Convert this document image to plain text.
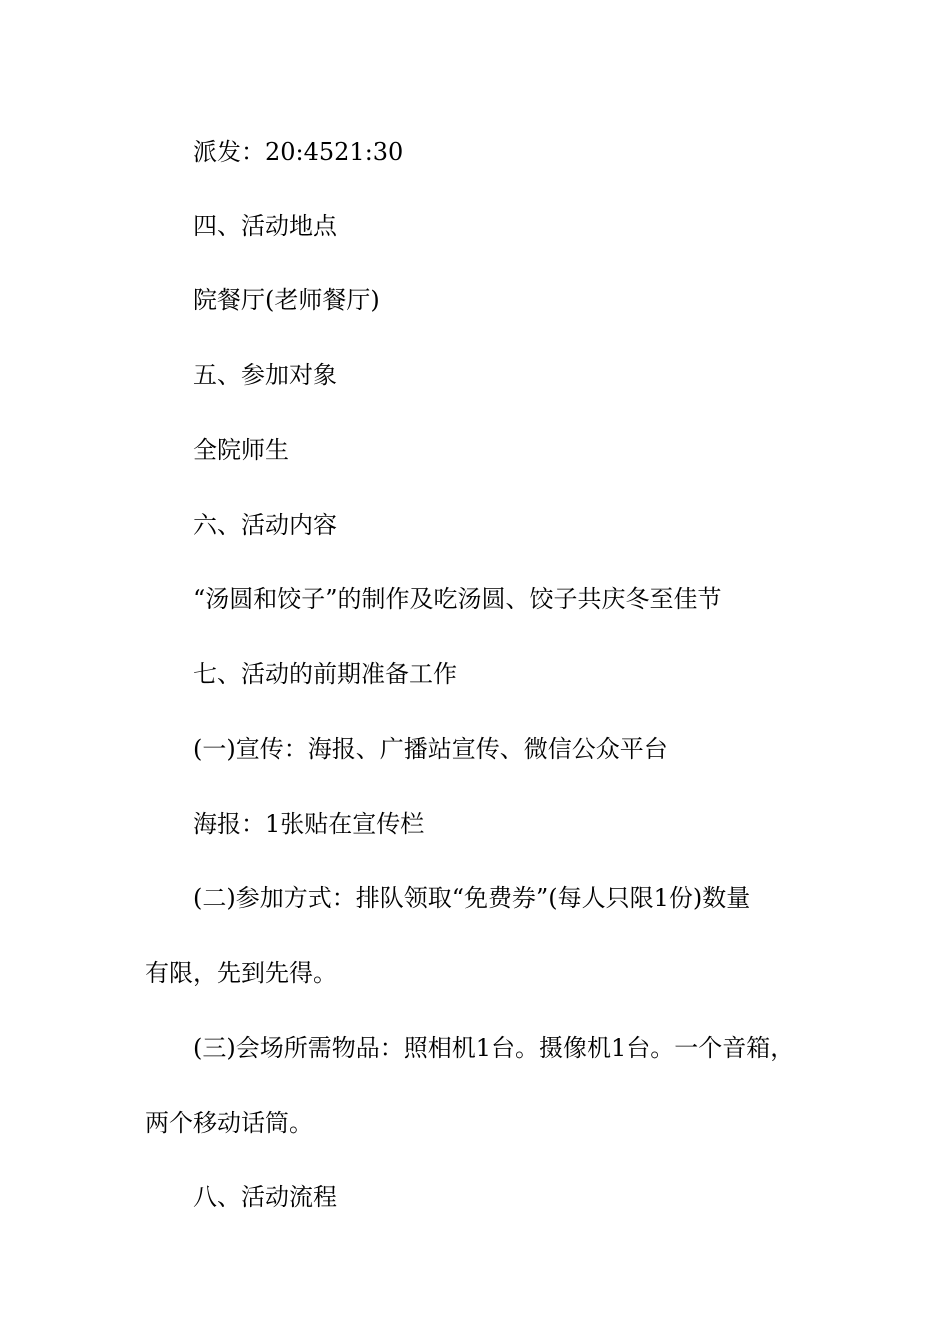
派发：20:4521:30
四、活动地点
院餐厅(老师餐厅)
五、参加对象
全院师生
六、活动内容
“汤圆和饺子”的制作及吃汤圆、饺子共庆冬至佳节
七、活动的前期准备工作
(一)宣传：海报、广播站宣传、微信公众平台
海报：1张贴在宣传栏
(二)参加方式：排队领取“免费券”(每人只限1份)数量
有限，先到先得。
(三)会场所需物品：照相机1台。摄像机1台。一个音箱，
两个移动话筒。
八、活动流程
